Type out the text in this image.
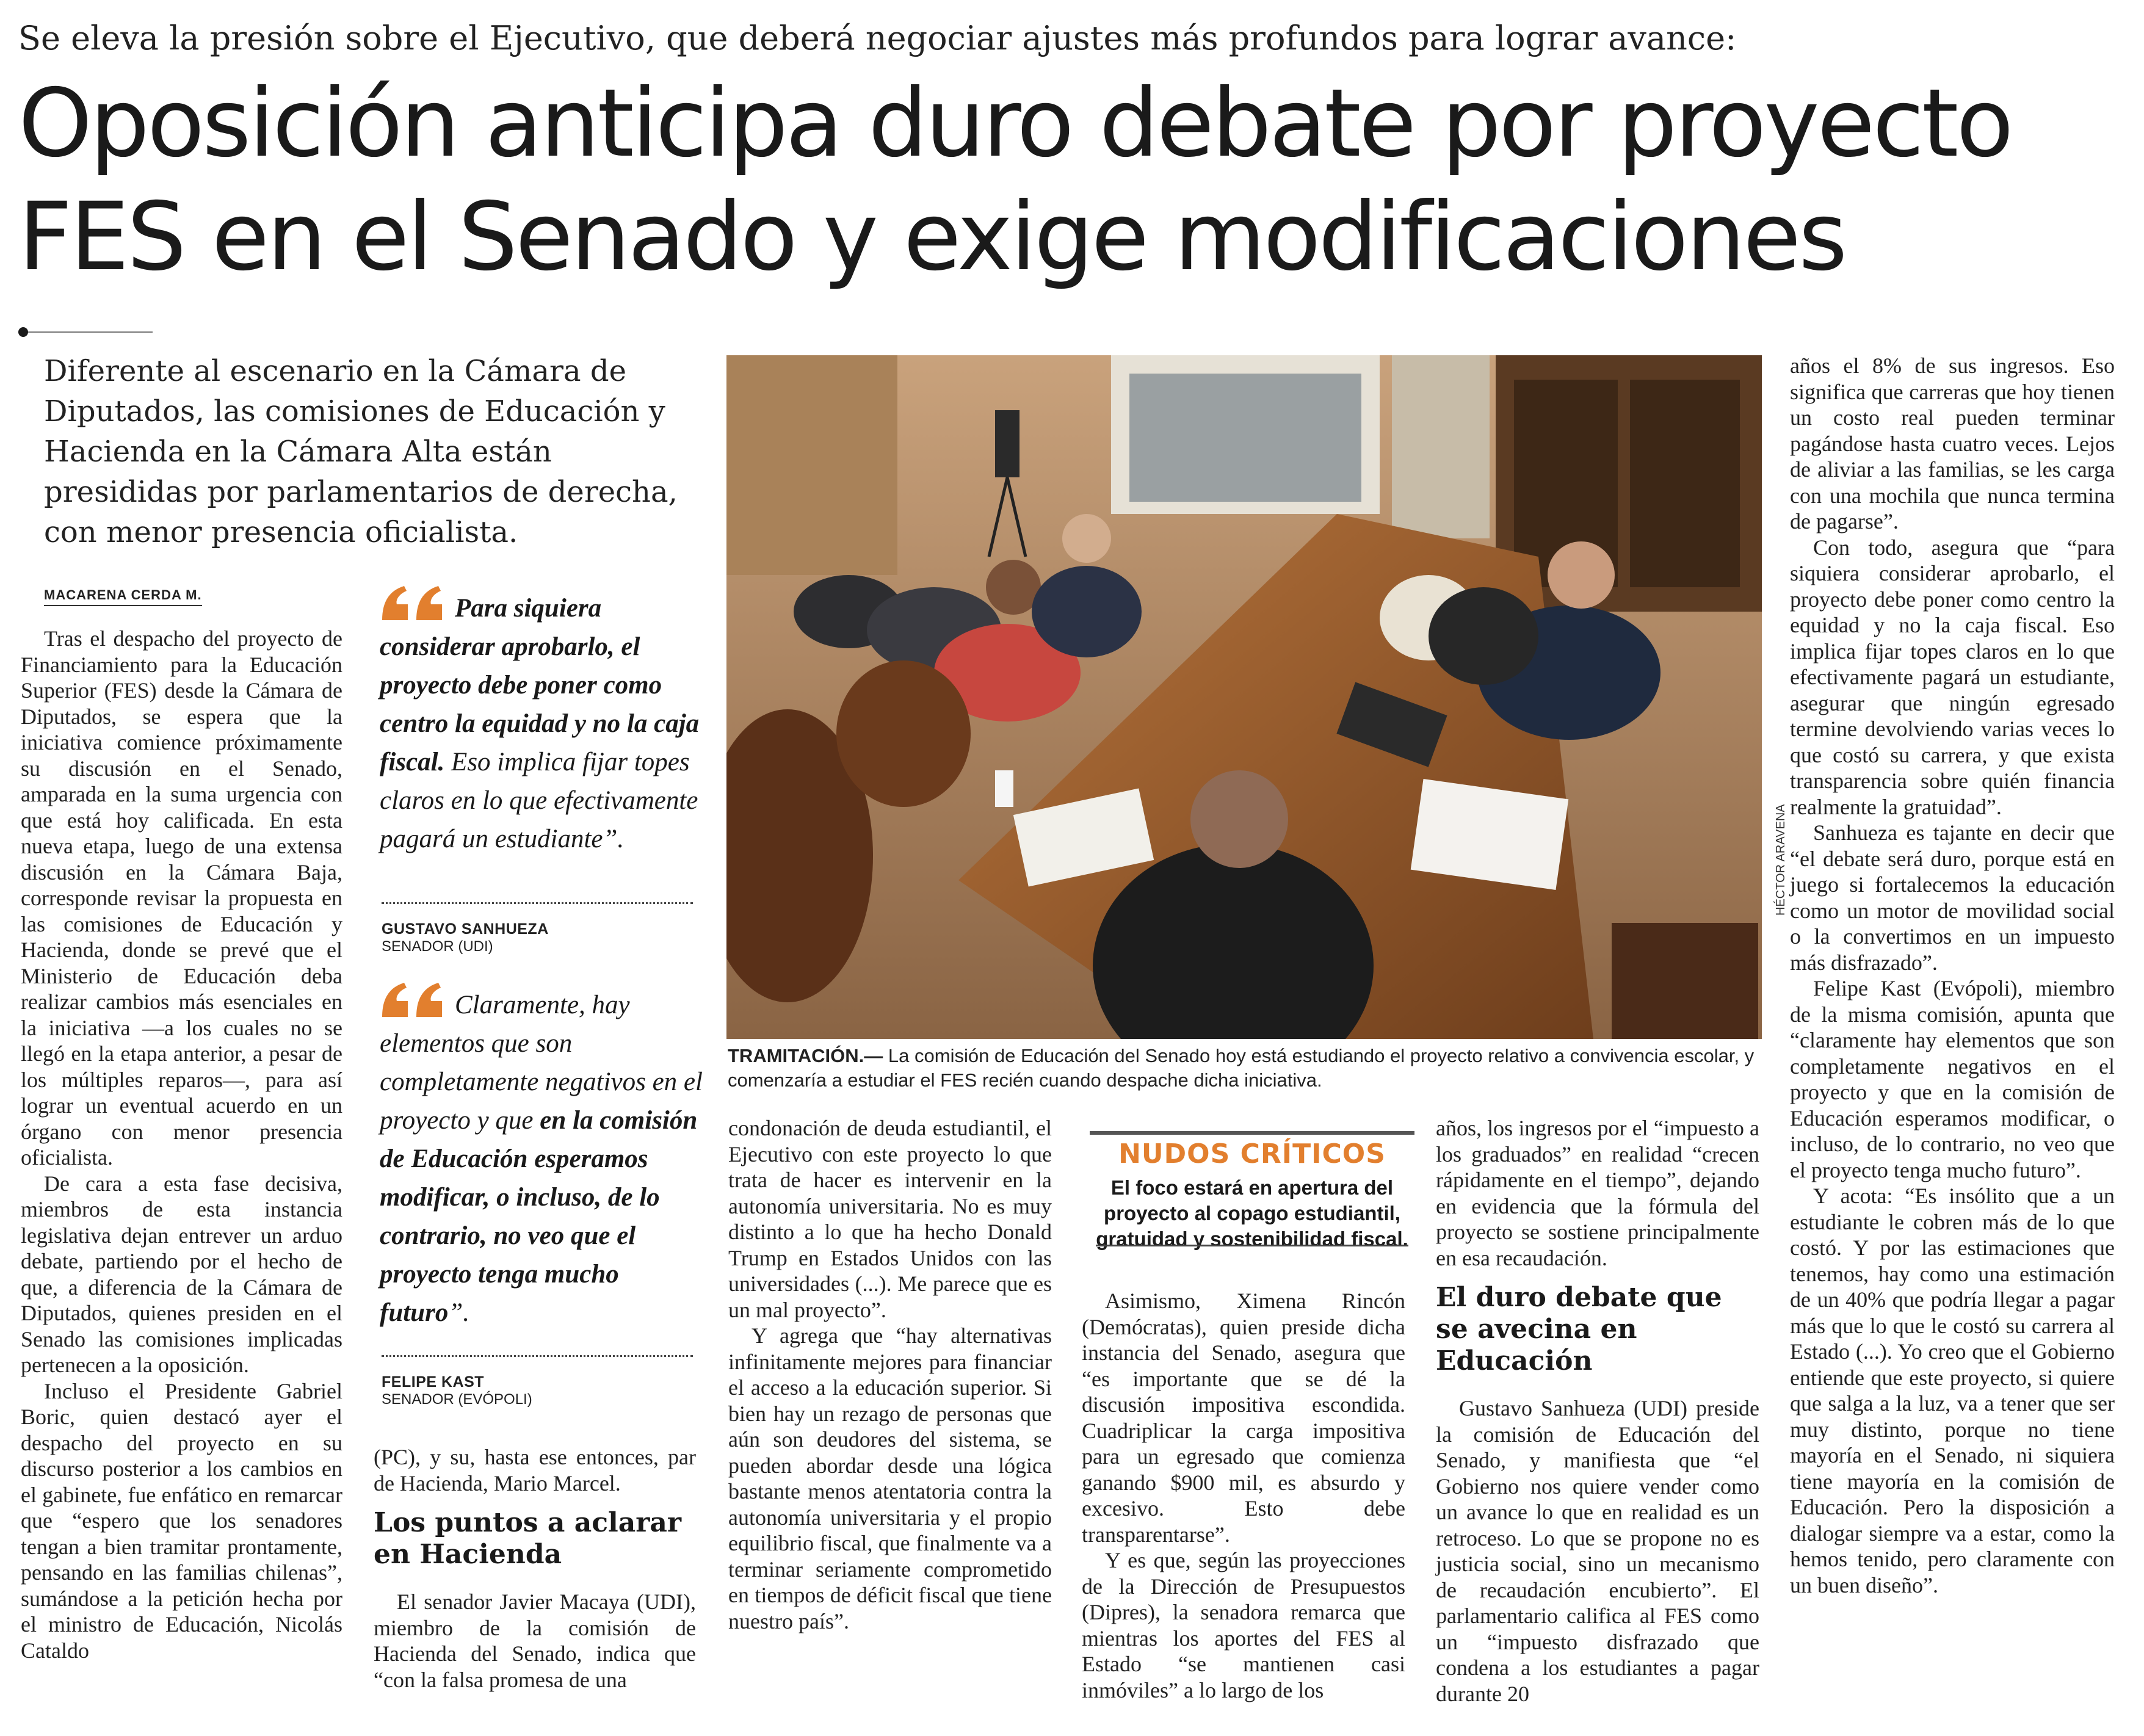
Se eleva la presión sobre el Ejecutivo, que deberá negociar ajustes más profundos para lograr avance:
Oposición anticipa duro debate por proyecto
FES en el Senado y exige modificaciones
Diferente al escenario en la Cámara de Diputados, las comisiones de Educación y Hacienda en la Cámara Alta están presididas por parlamentarios de derecha, con menor presencia oficialista.
MACARENA CERDA M.

Tras el despacho del proyecto de Financiamiento para la Educación Superior (FES) desde la Cámara de Diputados, se espera que la iniciativa comience próximamente su discusión en el Senado, amparada en la suma urgencia con que está hoy calificada. En esta nueva etapa, luego de una extensa discusión en la Cámara Baja, corresponde revisar la propuesta en las comisiones de Educación y Hacienda, donde se prevé que el Ministerio de Educación deba realizar cambios más esenciales en la iniciativa —a los cuales no se llegó en la etapa anterior, a pesar de los múltiples reparos—, para así lograr un eventual acuerdo en un órgano con menor presencia oficialista.

De cara a esta fase decisiva, miembros de esta instancia legislativa dejan entrever un arduo debate, partiendo por el hecho de que, a diferencia de la Cámara de Diputados, quienes presiden en el Senado las comisiones implicadas pertenecen a la oposición.

Incluso el Presidente Gabriel Boric, quien destacó ayer el despacho del proyecto en su discurso posterior a los cambios en el gabinete, fue enfático en remarcar que “espero que los senadores tengan a bien tramitar prontamente, pensando en las familias chilenas”, sumándose a la petición hecha por el ministro de Educación, Nicolás Cataldo

Para siquiera considerar aprobarlo, el proyecto debe poner como centro la equidad y no la caja fiscal. Eso implica fijar topes claros en lo que efectivamente pagará un estudiante”.
GUSTAVO SANHUEZA
SENADOR (UDI)
Claramente, hay elementos que son completamente negativos en el proyecto y que en la comisión de Educación esperamos modificar, o incluso, de lo contrario, no veo que el proyecto tenga mucho futuro”.
FELIPE KAST
SENADOR (EVÓPOLI)

(PC), y su, hasta ese entonces, par de Hacienda, Mario Marcel.

Los puntos a aclarar en Hacienda

El senador Javier Macaya (UDI), miembro de la comisión de Hacienda del Senado, indica que “con la falsa promesa de una

HÉCTOR ARAVENA
TRAMITACIÓN.— La comisión de Educación del Senado hoy está estudiando el proyecto relativo a convivencia escolar, y comenzaría a estudiar el FES recién cuando despache dicha iniciativa.

condonación de deuda estudiantil, el Ejecutivo con este proyecto lo que trata de hacer es intervenir en la autonomía universitaria. No es muy distinto a lo que ha hecho Donald Trump en Estados Unidos con las universidades (...). Me parece que es un mal proyecto”.

Y agrega que “hay alternativas infinitamente mejores para financiar el acceso a la educación superior. Si bien hay un rezago de personas que aún son deudores del sistema, se pueden abordar desde una lógica bastante menos atentatoria contra la autonomía universitaria y el propio equilibrio fiscal, que finalmente va a terminar seriamente comprometido en tiempos de déficit fiscal que tiene nuestro país”.

NUDOS CRÍTICOS
El foco estará en apertura del proyecto al copago estudiantil, gratuidad y sostenibilidad fiscal.

Asimismo, Ximena Rincón (Demócratas), quien preside dicha instancia del Senado, asegura que “es importante que se dé la discusión impositiva escondida. Cuadriplicar la carga impositiva para un egresado que comienza ganando $900 mil, es absurdo y excesivo. Esto debe transparentarse”.

Y es que, según las proyecciones de la Dirección de Presupuestos (Dipres), la senadora remarca que mientras los aportes del FES al Estado “se mantienen casi inmóviles” a lo largo de los

años, los ingresos por el “impuesto a los graduados” en realidad “crecen rápidamente en el tiempo”, dejando en evidencia que la fórmula del proyecto se sostiene principalmente en esa recaudación.

El duro debate que se avecina en Educación

Gustavo Sanhueza (UDI) preside la comisión de Educación del Senado, y manifiesta que “el Gobierno nos quiere vender como un avance lo que en realidad es un retroceso. Lo que se propone no es justicia social, sino un mecanismo de recaudación encubierto”. El parlamentario califica al FES como un “impuesto disfrazado que condena a los estudiantes a pagar durante 20

años el 8% de sus ingresos. Eso significa que carreras que hoy tienen un costo real pueden terminar pagándose hasta cuatro veces. Lejos de aliviar a las familias, se les carga con una mochila que nunca termina de pagarse”.

Con todo, asegura que “para siquiera considerar aprobarlo, el proyecto debe poner como centro la equidad y no la caja fiscal. Eso implica fijar topes claros en lo que efectivamente pagará un estudiante, asegurar que ningún egresado termine devolviendo varias veces lo que costó su carrera, y que exista transparencia sobre quién financia realmente la gratuidad”.

Sanhueza es tajante en decir que “el debate será duro, porque está en juego si fortalecemos la educación como un motor de movilidad social o la convertimos en un impuesto más disfrazado”.

Felipe Kast (Evópoli), miembro de la misma comisión, apunta que “claramente hay elementos que son completamente negativos en el proyecto y que en la comisión de Educación esperamos modificar, o incluso, de lo contrario, no veo que el proyecto tenga mucho futuro”.

Y acota: “Es insólito que a un estudiante le cobren más de lo que costó. Y por las estimaciones que tenemos, hay como una estimación de un 40% que podría llegar a pagar más que lo que le costó su carrera al Estado (...). Yo creo que el Gobierno entiende que este proyecto, si quiere que salga a la luz, va a tener que ser muy distinto, porque no tiene mayoría en el Senado, ni siquiera tiene mayoría en la comisión de Educación. Pero la disposición a dialogar siempre va a estar, como la hemos tenido, pero claramente con un buen diseño”.
